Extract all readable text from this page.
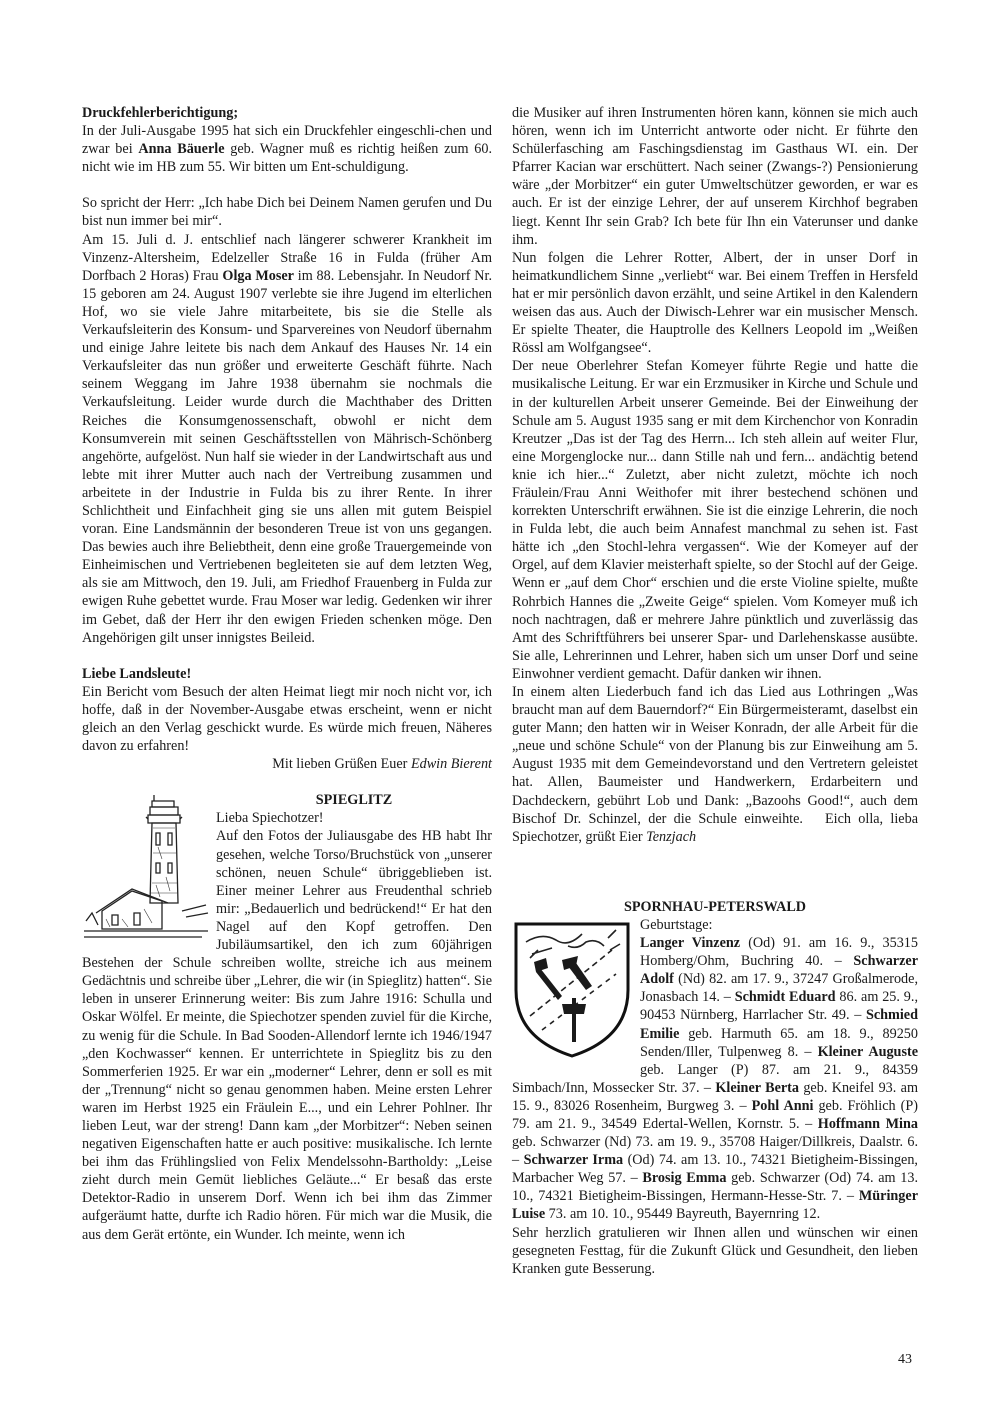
Druckfehlerberichtigung;

In der Juli-Ausgabe 1995 hat sich ein Druckfehler eingeschli-chen und zwar bei Anna Bäuerle geb. Wagner muß es richtig heißen zum 60. nicht wie im HB zum 55. Wir bitten um Ent-schuldigung.

So spricht der Herr: „Ich habe Dich bei Deinem Namen gerufen und Du bist nun immer bei mir“.

Am 15. Juli d. J. entschlief nach längerer schwerer Krankheit im Vinzenz-Altersheim, Edelzeller Straße 16 in Fulda (früher Am Dorfbach 2 Horas) Frau Olga Moser im 88. Lebensjahr. In Neudorf Nr. 15 geboren am 24. August 1907 verlebte sie ihre Jugend im elterlichen Hof, wo sie viele Jahre mitarbeitete, bis sie die Stelle als Verkaufsleiterin des Konsum- und Sparvereines von Neudorf übernahm und einige Jahre leitete bis nach dem Ankauf des Hauses Nr. 14 ein Verkaufsleiter das nun größer und erweiterte Geschäft führte. Nach seinem Weggang im Jahre 1938 übernahm sie nochmals die Verkaufsleitung. Leider wurde durch die Machthaber des Dritten Reiches die Konsumgenossenschaft, obwohl er nicht dem Konsumverein mit seinen Geschäftsstellen von Mährisch-Schönberg angehörte, aufgelöst. Nun half sie wieder in der Landwirtschaft aus und lebte mit ihrer Mutter auch nach der Vertreibung zusammen und arbeitete in der Industrie in Fulda bis zu ihrer Rente. In ihrer Schlichtheit und Einfachheit ging sie uns allen mit gutem Beispiel voran. Eine Landsmännin der besonderen Treue ist von uns gegangen. Das bewies auch ihre Beliebtheit, denn eine große Trauergemeinde von Einheimischen und Vertriebenen begleiteten sie auf dem letzten Weg, als sie am Mittwoch, den 19. Juli, am Friedhof Frauenberg in Fulda zur ewigen Ruhe gebettet wurde. Frau Moser war ledig. Gedenken wir ihrer im Gebet, daß der Herr ihr den ewigen Frieden schenken möge. Den Angehörigen gilt unser innigstes Beileid.

Liebe Landsleute!

Ein Bericht vom Besuch der alten Heimat liegt mir noch nicht vor, ich hoffe, daß in der November-Ausgabe etwas erscheint, wenn er nicht gleich an den Verlag geschickt wurde. Es würde mich freuen, Näheres davon zu erfahren!

Mit lieben Grüßen Euer Edwin Bierent

SPIEGLITZ

Lieba Spiechotzer!

Auf den Fotos der Juliausgabe des HB habt Ihr gesehen, welche Torso/Bruchstück von „unserer schönen, neuen Schule“ übriggeblieben ist. Einer meiner Lehrer aus Freudenthal schrieb mir: „Bedauerlich und bedrückend!“ Er hat den Nagel auf den Kopf getroffen. Den Jubiläumsartikel, den ich zum 60jährigen Bestehen der Schule schreiben wollte, streiche ich aus meinem Gedächtnis und schreibe über „Lehrer, die wir (in Spieglitz) hatten“. Sie leben in unserer Erinnerung weiter: Bis zum Jahre 1916: Schulla und Oskar Wölfel. Er meinte, die Spiechotzer spenden zuviel für die Kirche, zu wenig für die Schule. In Bad Sooden-Allendorf lernte ich 1946/1947 „den Kochwasser“ kennen. Er unterrichtete in Spieglitz bis zu den Sommerferien 1925. Er war ein „moderner“ Lehrer, denn er soll es mit der „Trennung“ nicht so genau genommen haben. Meine ersten Lehrer waren im Herbst 1925 ein Fräulein E..., und ein Lehrer Pohlner. Ihr lieben Leut, war der streng! Dann kam „der Morbitzer“: Neben seinen negativen Eigenschaften hatte er auch positive: musikalische. Ich lernte bei ihm das Frühlingslied von Felix Mendelssohn-Bartholdy: „Leise zieht durch mein Gemüt liebliches Geläute...“ Er besaß das erste Detektor-Radio in unserem Dorf. Wenn ich bei ihm das Zimmer aufgeräumt hatte, durfte ich Radio hören. Für mich war die Musik, die aus dem Gerät ertönte, ein Wunder. Ich meinte, wenn ich

die Musiker auf ihren Instrumenten hören kann, können sie mich auch hören, wenn ich im Unterricht antworte oder nicht. Er führte den Schülerfasching am Faschingsdienstag im Gasthaus WI. ein. Der Pfarrer Kacian war erschüttert. Nach seiner (Zwangs-?) Pensionierung wäre „der Morbitzer“ ein guter Umweltschützer geworden, er war es auch. Er ist der einzige Lehrer, der auf unserem Kirchhof begraben liegt. Kennt Ihr sein Grab? Ich bete für Ihn ein Vaterunser und danke ihm.

Nun folgen die Lehrer Rotter, Albert, der in unser Dorf in heimatkundlichem Sinne „verliebt“ war. Bei einem Treffen in Hersfeld hat er mir persönlich davon erzählt, und seine Artikel in den Kalendern weisen das aus. Auch der Diwisch-Lehrer war ein musischer Mensch. Er spielte Theater, die Hauptrolle des Kellners Leopold im „Weißen Rössl am Wolfgangsee“.

Der neue Oberlehrer Stefan Komeyer führte Regie und hatte die musikalische Leitung. Er war ein Erzmusiker in Kirche und Schule und in der kulturellen Arbeit unserer Gemeinde. Bei der Einweihung der Schule am 5. August 1935 sang er mit dem Kirchenchor von Konradin Kreutzer „Das ist der Tag des Herrn... Ich steh allein auf weiter Flur, eine Morgenglocke nur... dann Stille nah und fern... andächtig betend knie ich hier...“ Zuletzt, aber nicht zuletzt, möchte ich noch Fräulein/Frau Anni Weithofer mit ihrer bestechend schönen und korrekten Unterschrift erwähnen. Sie ist die einzige Lehrerin, die noch in Fulda lebt, die auch beim Annafest manchmal zu sehen ist. Fast hätte ich „den Stochl-lehra vergassen“. Wie der Komeyer auf der Orgel, auf dem Klavier meisterhaft spielte, so der Stochl auf der Geige. Wenn er „auf dem Chor“ erschien und die erste Violine spielte, mußte Rohrbich Hannes die „Zweite Geige“ spielen. Vom Komeyer muß ich noch nachtragen, daß er mehrere Jahre pünktlich und zuverlässig das Amt des Schriftführers bei unserer Spar- und Darlehenskasse ausübte. Sie alle, Lehrerinnen und Lehrer, haben sich um unser Dorf und seine Einwohner verdient gemacht. Dafür danken wir ihnen.

In einem alten Liederbuch fand ich das Lied aus Lothringen „Was braucht man auf dem Bauerndorf?“ Ein Bürgermeisteramt, daselbst ein guter Mann; den hatten wir in Weiser Konradn, der alle Arbeit für die „neue und schöne Schule“ von der Planung bis zur Einweihung am 5. August 1935 mit dem Gemeindevorstand und den Vertretern geleistet hat. Allen, Baumeister und Handwerkern, Erdarbeitern und Dachdeckern, gebührt Lob und Dank: „Bazoohs Good!“, auch dem Bischof Dr. Schinzel, der die Schule einweihte.   Eich olla, lieba Spiechotzer, grüßt Eier Tenzjach

SPORNHAU-PETERSWALD

Geburtstage:

Langer Vinzenz (Od) 91. am 16. 9., 35315 Homberg/Ohm, Buchring 40. – Schwarzer Adolf (Nd) 82. am 17. 9., 37247 Großalmerode, Jonasbach 14. – Schmidt Eduard 86. am 25. 9., 90453 Nürnberg, Harrlacher Str. 49. – Schmied Emilie geb. Harmuth 65. am 18. 9., 89250 Senden/Iller, Tulpenweg 8. – Kleiner Auguste geb. Langer (P) 87. am 21. 9., 84359 Simbach/Inn, Mossecker Str. 37. – Kleiner Berta geb. Kneifel 93. am 15. 9., 83026 Rosenheim, Burgweg 3. – Pohl Anni geb. Fröhlich (P) 79. am 21. 9., 34549 Edertal-Wellen, Kornstr. 5. – Hoffmann Mina geb. Schwarzer (Nd) 73. am 19. 9., 35708 Haiger/Dillkreis, Daalstr. 6. – Schwarzer Irma (Od) 74. am 13. 10., 74321 Bietigheim-Bissingen, Marbacher Weg 57. – Brosig Emma geb. Schwarzer (Od) 74. am 13. 10., 74321 Bietigheim-Bissingen, Hermann-Hesse-Str. 7. – Müringer Luise 73. am 10. 10., 95449 Bayreuth, Bayernring 12.

Sehr herzlich gratulieren wir Ihnen allen und wünschen wir einen gesegneten Festtag, für die Zukunft Glück und Gesundheit, den lieben Kranken gute Besserung.

43
